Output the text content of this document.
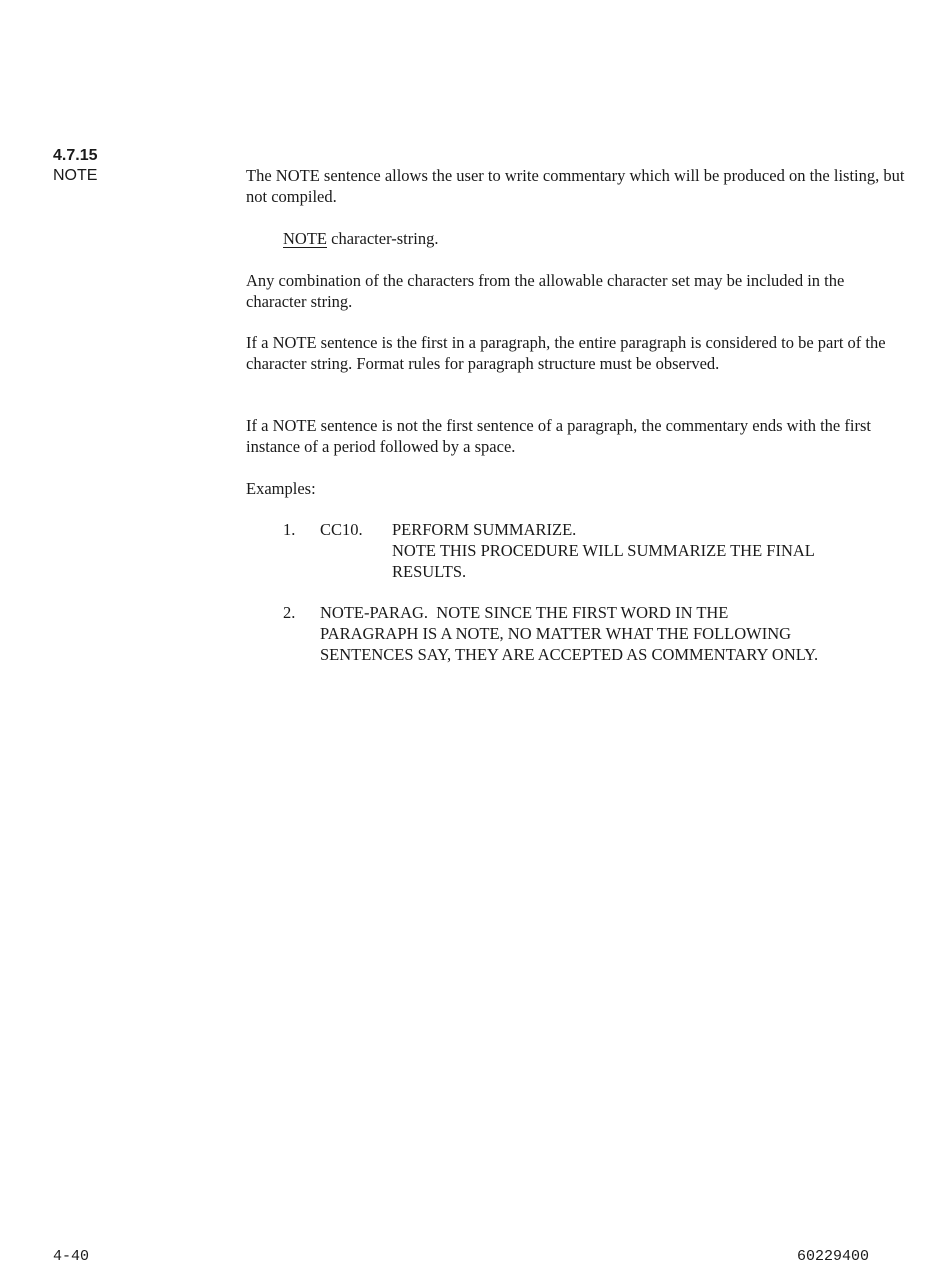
4.7.15
NOTE	The NOTE sentence allows the user to write commentary which will be produced on the listing, but not compiled.

NOTE character-string.

Any combination of the characters from the allowable character set may be included in the character string.

If a NOTE sentence is the first in a paragraph, the entire paragraph is considered to be part of the character string. Format rules for paragraph structure must be observed.

If a NOTE sentence is not the first sentence of a paragraph, the commentary ends with the first instance of a period followed by a space.

Examples:

1. CC10. PERFORM SUMMARIZE.
NOTE THIS PROCEDURE WILL SUMMARIZE THE FINAL
RESULTS.
2. NOTE-PARAG.  NOTE SINCE THE FIRST WORD IN THE
PARAGRAPH IS A NOTE, NO MATTER WHAT THE FOLLOWING
SENTENCES SAY, THEY ARE ACCEPTED AS COMMENTARY ONLY.
4-40	60229400
